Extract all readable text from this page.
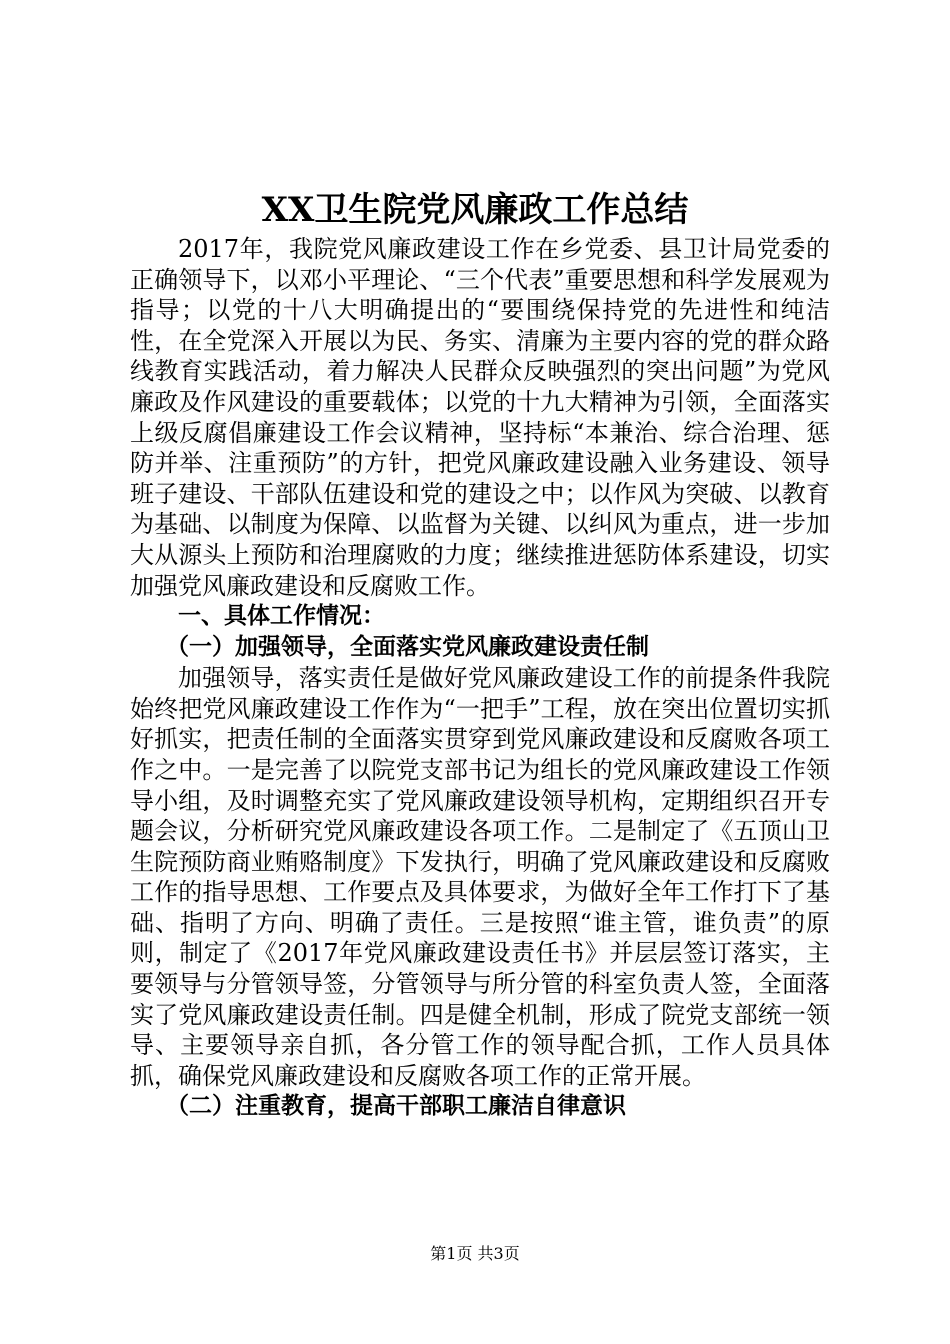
XX卫生院党风廉政工作总结

2017年，我院党风廉政建设工作在乡党委、县卫计局党委的正确领导下，以邓小平理论、“三个代表”重要思想和科学发展观为指导；以党的十八大明确提出的“要围绕保持党的先进性和纯洁性，在全党深入开展以为民、务实、清廉为主要内容的党的群众路线教育实践活动，着力解决人民群众反映强烈的突出问题”为党风廉政及作风建设的重要载体；以党的十九大精神为引领，全面落实上级反腐倡廉建设工作会议精神，坚持标“本兼治、综合治理、惩防并举、注重预防”的方针，把党风廉政建设融入业务建设、领导班子建设、干部队伍建设和党的建设之中；以作风为突破、以教育为基础、以制度为保障、以监督为关键、以纠风为重点，进一步加大从源头上预防和治理腐败的力度；继续推进惩防体系建设，切实加强党风廉政建设和反腐败工作。

一、具体工作情况：

（一）加强领导，全面落实党风廉政建设责任制

加强领导，落实责任是做好党风廉政建设工作的前提条件我院始终把党风廉政建设工作作为“一把手”工程，放在突出位置切实抓好抓实，把责任制的全面落实贯穿到党风廉政建设和反腐败各项工作之中。一是完善了以院党支部书记为组长的党风廉政建设工作领导小组，及时调整充实了党风廉政建设领导机构，定期组织召开专题会议，分析研究党风廉政建设各项工作。二是制定了《五顶山卫生院预防商业贿赂制度》下发执行，明确了党风廉政建设和反腐败工作的指导思想、工作要点及具体要求，为做好全年工作打下了基础、指明了方向、明确了责任。三是按照“谁主管，谁负责”的原则，制定了《2017年党风廉政建设责任书》并层层签订落实，主要领导与分管领导签，分管领导与所分管的科室负责人签，全面落实了党风廉政建设责任制。四是健全机制，形成了院党支部统一领导、主要领导亲自抓，各分管工作的领导配合抓，工作人员具体抓，确保党风廉政建设和反腐败各项工作的正常开展。

（二）注重教育，提高干部职工廉洁自律意识

第1页 共3页
